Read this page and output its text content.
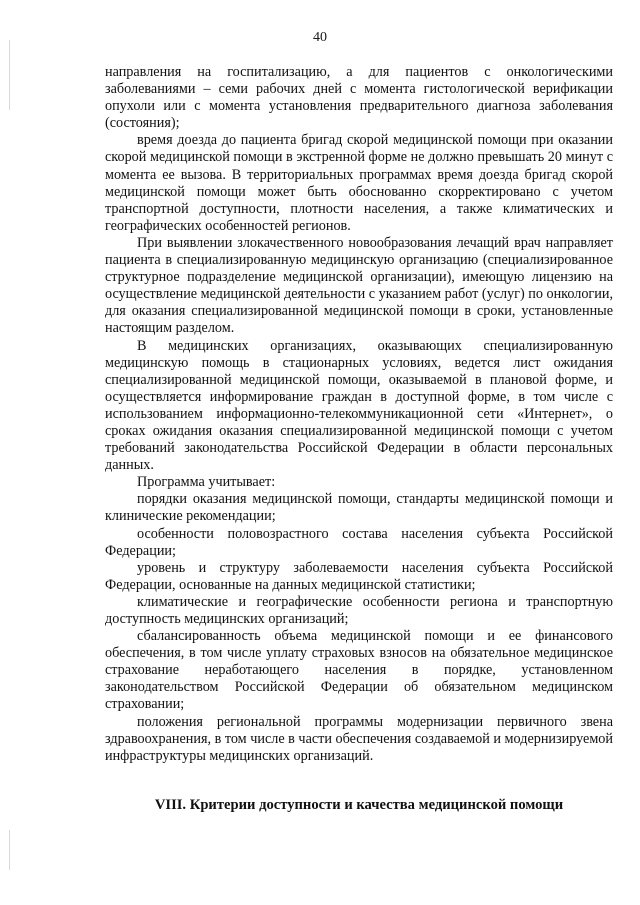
40

направления на госпитализацию, а для пациентов с онкологическими заболеваниями – семи рабочих дней с момента гистологической верификации опухоли или с момента установления предварительного диагноза заболевания (состояния);

время доезда до пациента бригад скорой медицинской помощи при оказании скорой медицинской помощи в экстренной форме не должно превышать 20 минут с момента ее вызова. В территориальных программах время доезда бригад скорой медицинской помощи может быть обоснованно скорректировано с учетом транспортной доступности, плотности населения, а также климатических и географических особенностей регионов.

При выявлении злокачественного новообразования лечащий врач направляет пациента в специализированную медицинскую организацию (специализированное структурное подразделение медицинской организации), имеющую лицензию на осуществление медицинской деятельности с указанием работ (услуг) по онкологии, для оказания специализированной медицинской помощи в сроки, установленные настоящим разделом.

В медицинских организациях, оказывающих специализированную медицинскую помощь в стационарных условиях, ведется лист ожидания специализированной медицинской помощи, оказываемой в плановой форме, и осуществляется информирование граждан в доступной форме, в том числе с использованием информационно-телекоммуникационной сети «Интернет», о сроках ожидания оказания специализированной медицинской помощи с учетом требований законодательства Российской Федерации в области персональных данных.

Программа учитывает:

порядки оказания медицинской помощи, стандарты медицинской помощи и клинические рекомендации;

особенности половозрастного состава населения субъекта Российской Федерации;

уровень и структуру заболеваемости населения субъекта Российской Федерации, основанные на данных медицинской статистики;

климатические и географические особенности региона и транспортную доступность медицинских организаций;

сбалансированность объема медицинской помощи и ее финансового обеспечения, в том числе уплату страховых взносов на обязательное медицинское страхование неработающего населения в порядке, установленном законодательством Российской Федерации об обязательном медицинском страховании;

положения региональной программы модернизации первичного звена здравоохранения, в том числе в части обеспечения создаваемой и модернизируемой инфраструктуры медицинских организаций.

VIII. Критерии доступности и качества медицинской помощи
